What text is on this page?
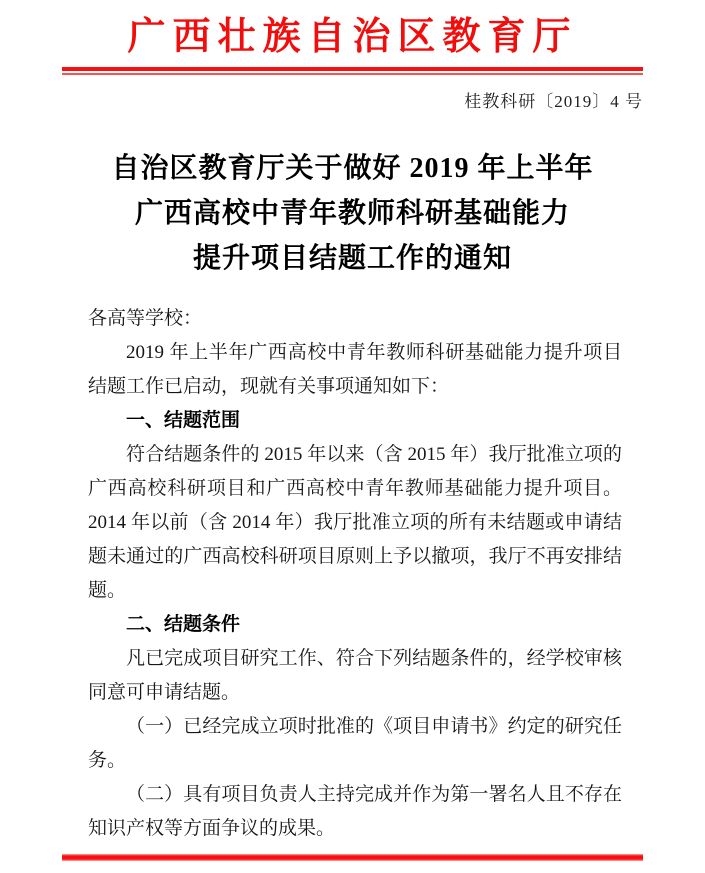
广西壮族自治区教育厅
桂教科研〔2019〕4 号
自治区教育厅关于做好 2019 年上半年
广西高校中青年教师科研基础能力
提升项目结题工作的通知

各高等学校：

2019 年上半年广西高校中青年教师科研基础能力提升项目结题工作已启动，现就有关事项通知如下：

一、结题范围

符合结题条件的 2015 年以来（含 2015 年）我厅批准立项的广西高校科研项目和广西高校中青年教师基础能力提升项目。2014 年以前（含 2014 年）我厅批准立项的所有未结题或申请结题未通过的广西高校科研项目原则上予以撤项，我厅不再安排结题。

二、结题条件

凡已完成项目研究工作、符合下列结题条件的，经学校审核同意可申请结题。

（一）已经完成立项时批准的《项目申请书》约定的研究任务。

（二）具有项目负责人主持完成并作为第一署名人且不存在知识产权等方面争议的成果。
